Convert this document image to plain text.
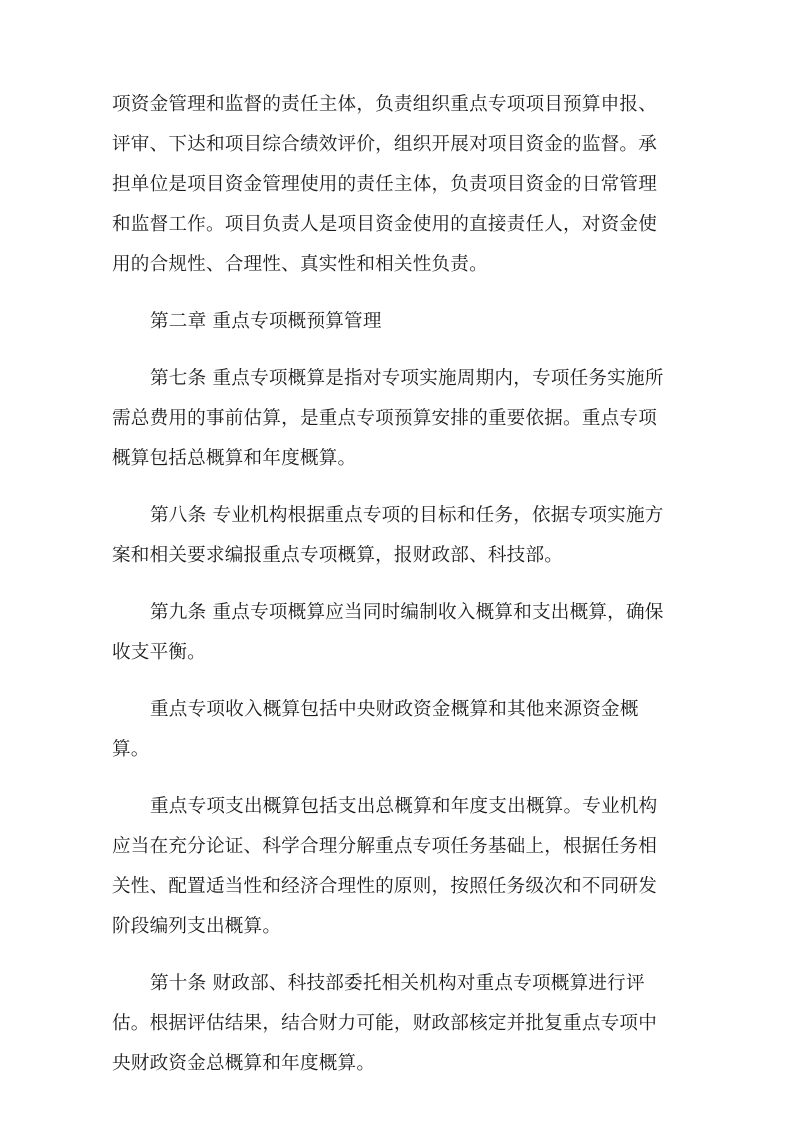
项资金管理和监督的责任主体，负责组织重点专项项目预算申报、
评审、下达和项目综合绩效评价，组织开展对项目资金的监督。承
担单位是项目资金管理使用的责任主体，负责项目资金的日常管理
和监督工作。项目负责人是项目资金使用的直接责任人，对资金使
用的合规性、合理性、真实性和相关性负责。
第二章 重点专项概预算管理
第七条 重点专项概算是指对专项实施周期内，专项任务实施所
需总费用的事前估算，是重点专项预算安排的重要依据。重点专项
概算包括总概算和年度概算。
第八条 专业机构根据重点专项的目标和任务，依据专项实施方
案和相关要求编报重点专项概算，报财政部、科技部。
第九条 重点专项概算应当同时编制收入概算和支出概算，确保
收支平衡。
重点专项收入概算包括中央财政资金概算和其他来源资金概
算。
重点专项支出概算包括支出总概算和年度支出概算。专业机构
应当在充分论证、科学合理分解重点专项任务基础上，根据任务相
关性、配置适当性和经济合理性的原则，按照任务级次和不同研发
阶段编列支出概算。
第十条 财政部、科技部委托相关机构对重点专项概算进行评
估。根据评估结果，结合财力可能，财政部核定并批复重点专项中
央财政资金总概算和年度概算。
